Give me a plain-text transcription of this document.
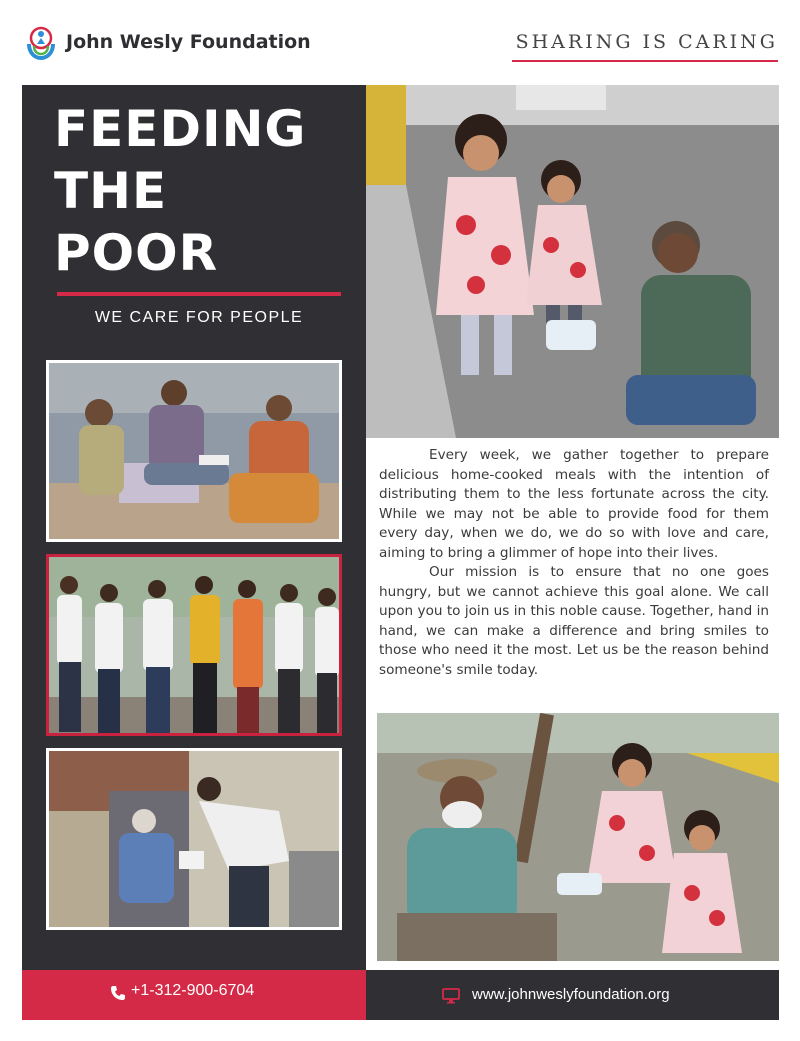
John Wesly Foundation	SHARING IS CARING
FEEDING
THE
POOR
WE CARE FOR PEOPLE

Every week, we gather together to prepare delicious home-cooked meals with the intention of distributing them to the less fortunate across the city. While we may not be able to provide food for them every day, when we do, we do so with love and care, aiming to bring a glimmer of hope into their lives.

Our mission is to ensure that no one goes hungry, but we cannot achieve this goal alone. We call upon you to join us in this noble cause. Together, hand in hand, we can make a difference and bring smiles to those who need it the most. Let us be the reason behind someone's smile today.

+1-312-900-6704	www.johnweslyfoundation.org
